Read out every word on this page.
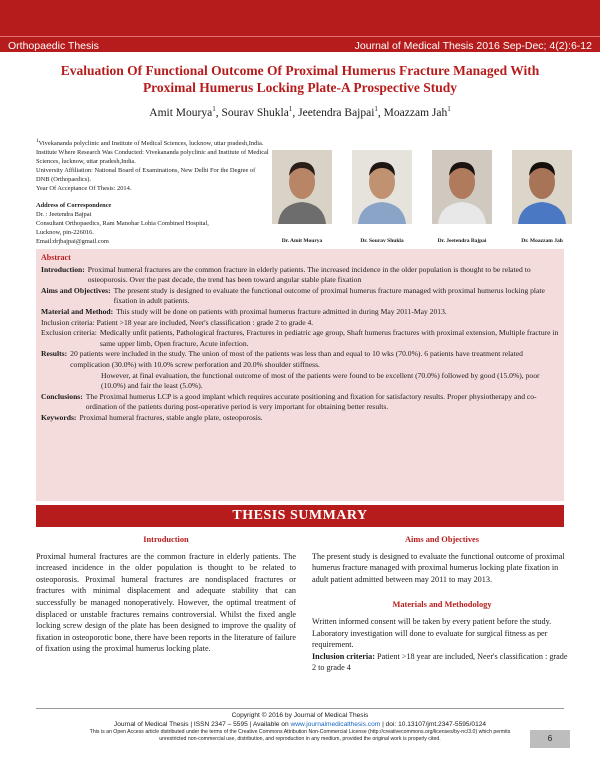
Orthopaedic Thesis	Journal of Medical Thesis 2016 Sep-Dec; 4(2):6-12
Evaluation Of Functional Outcome Of Proximal Humerus Fracture Managed With Proximal Humerus Locking Plate-A Prospective Study
Amit Mourya$^1$, Sourav Shukla$^1$, Jeetendra Bajpai$^1$, Moazzam Jah$^1$

$^1$Vivekananda polyclinic and Institute of Medical Sciences, lucknow, uttar pradesh,India.

Institute Where Research Was Conducted: Vivekananda polyclinic and Institute of Medical Sciences, lucknow, uttar pradesh,India.

University Affiliation: National Board of Examinations, New Delhi For the Degree of DNB (Orthopaedics).

Year Of Acceptance Of Thesis: 2014.

Address of Correspondence

Dr. : Jeetendra Bajpai

Consultant Orthopaedics, Ram Manohar Lohia Combined Hospital,

Lucknow, pin-226016.

Email:drjbajpai@gmail.com	Dr. Amit Mourya	Dr. Sourav Shukla	Dr. Jeetendra Bajpai	Dr. Moazzam Jah
Abstract
Introduction: Proximal humeral fractures are the common fracture in elderly patients. The increased incidence in the older population is thought to be related to osteoporosis. Over the past decade, the trend has been toward angular stable plate fixation
Aims and Objectives: The present study is designed to evaluate the functional outcome of proximal humerus fracture managed with proximal humerus locking plate fixation in adult patients.
Material and Method: This study will be done on patients with proximal humerus fracture admitted in during May 2011-May 2013.

Inclusion criteria: Patient >18 year are included, Neer's classification : grade 2 to grade 4.

Exclusion criteria: Medically unfit patients, Pathological fractures, Fractures in pediatric age group, Shaft humerus fractures with proximal extension, Multiple fracture in same upper limb, Open fracture, Acute infection.
Results: 20 patients were included in the study. The union of most of the patients was less than and equal to 10 wks (70.0%). 6 patients have treatment related complication (30.0%) with 10.0% screw perforation and 20.0% shoulder stiffness.

However, at final evaluation, the functional outcome of most of the patients were found to be excellent (70.0%) followed by good (15.0%), poor (10.0%) and fair the least (5.0%).

Conclusions: The Proximal humerus LCP is a good implant which requires accurate positioning and fixation for satisfactory results. Proper physiotherapy and co-ordination of the patients during post-operative period is very important for obtaining better results.
Keywords: Proximal humeral fractures, stable angle plate, osteoporosis.
THESIS SUMMARY
Introduction

Proximal humeral fractures are the common fracture in elderly patients. The increased incidence in the older population is thought to be related to osteoporosis. Proximal humeral fractures are nondisplaced fractures or fractures with minimal displacement and adequate stability that can successfully be managed nonoperatively. However, the optimal treatment of displaced or unstable fractures remains controversial. Whilst the fixed angle locking screw design of the plate has been designed to improve the quality of fixation in osteoporotic bone, there have been reports in the literature of failure of fixation using the proximal humerus locking plate.

Aims and Objectives

The present study is designed to evaluate the functional outcome of proximal humerus fracture managed with proximal humerus locking plate fixation in adult patient admitted between may 2011 to may 2013.

Materials and Methodology

Written informed consent will be taken by every patient before the study.

Laboratory investigation will done to evaluate for surgical fitness as per requirement.

Inclusion criteria: Patient >18 year are included, Neer's classification : grade 2 to grade 4

Copyright © 2016 by Journal of Medical Thesis
Journal of Medical Thesis | ISSN 2347 – 5595 | Available on www.journalmedicalthesis.com | doi: 10.13107/jmt.2347-5595/0124
This is an Open Access article distributed under the terms of the Creative Commons Attribution Non-Commercial License (http://creativecommons.org/licenses/by-nc/3.0) which permits
unrestricted non-commercial use, distribution, and reproduction in any medium, provided the original work is properly cited.	6
